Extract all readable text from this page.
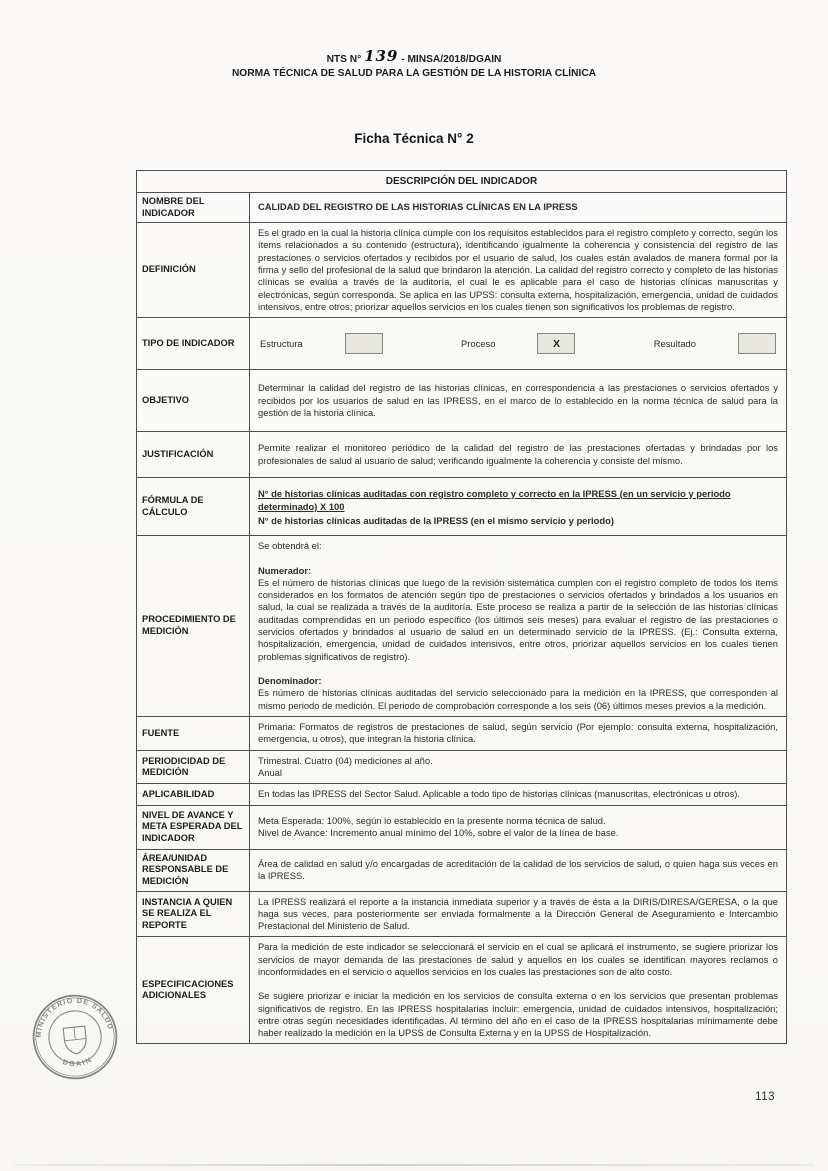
NTS N° 139 - MINSA/2018/DGAIN
NORMA TÉCNICA DE SALUD PARA LA GESTIÓN DE LA HISTORIA CLÍNICA
Ficha Técnica N° 2
DESCRIPCIÓN DEL INDICADOR	
NOMBRE DEL INDICADOR	CALIDAD DEL REGISTRO DE LAS HISTORIAS CLÍNICAS EN LA IPRESS
DEFINICIÓN	Es el grado en la cual la historia clínica cumple con los requisitos establecidos para el registro completo y correcto, según los ítems relacionados a su contenido (estructura), identificando igualmente la coherencia y consistencia del registro de las prestaciones o servicios ofertados y recibidos por el usuario de salud, los cuales están avalados de manera formal por la firma y sello del profesional de la salud que brindaron la atención. La calidad del registro correcto y completo de las historias clínicas se evalúa a través de la auditoría, el cual le es aplicable para el caso de historias clínicas manuscritas y electrónicas, según corresponda. Se aplica en las UPSS: consulta externa, hospitalización, emergencia, unidad de cuidados intensivos, entre otros; priorizar aquellos servicios en los cuales tienen son significativos los problemas de registro.
TIPO DE INDICADOR	Estructura Proceso X Resultado

OBJETIVO	Determinar la calidad del registro de las historias clínicas, en correspondencia a las prestaciones o servicios ofertados y recibidos por los usuarios de salud en las IPRESS, en el marco de lo establecido en la norma técnica de salud para la gestión de la historia clínica.
JUSTIFICACIÓN	Permite realizar el monitoreo periódico de la calidad del registro de las prestaciones ofertadas y brindadas por los profesionales de salud al usuario de salud; verificando igualmente la coherencia y consiste del mismo.
FÓRMULA DE CÁLCULO	N° de historias clínicas auditadas con registro completo y correcto en la IPRESS (en un servicio y periodo
determinado) X 100
N° de historias clínicas auditadas de la IPRESS (en el mismo servicio y periodo)

PROCEDIMIENTO DE MEDICIÓN	Se obtendrá el:

Numerador:

Es el número de historias clínicas que luego de la revisión sistemática cumplen con el registro completo de todos los ítems considerados en los formatos de atención según tipo de prestaciones o servicios ofertados y brindados a los usuarios en salud, la cual se realizada a través de la auditoría. Este proceso se realiza a partir de la selección de las historias clínicas auditadas comprendidas en un periodo específico (los últimos seis meses) para evaluar el registro de las prestaciones o servicios ofertados y brindados al usuario de salud en un determinado servicio de la IPRESS. (Ej.: Consulta externa, hospitalización, emergencia, unidad de cuidados intensivos, entre otros, priorizar aquellos servicios en los cuales tienen problemas significativos de registro).

Denominador:

Es número de historias clínicas auditadas del servicio seleccionado para la medición en la IPRESS, que corresponden al mismo periodo de medición. El periodo de comprobación corresponde a los seis (06) últimos meses previos a la medición.

FUENTE	Primaria: Formatos de registros de prestaciones de salud, según servicio (Por ejemplo: consulta externa, hospitalización, emergencia, u otros), que integran la historia clínica.
PERIODICIDAD DE MEDICIÓN	Trimestral. Cuatro (04) mediciones al año.

Anual

APLICABILIDAD	En todas las IPRESS del Sector Salud. Aplicable a todo tipo de historias clínicas (manuscritas, electrónicas u otros).
NIVEL DE AVANCE Y META ESPERADA DEL INDICADOR	Meta Esperada: 100%, según lo establecido en la presente norma técnica de salud.

Nivel de Avance: Incremento anual mínimo del 10%, sobre el valor de la línea de base.

ÁREA/UNIDAD RESPONSABLE DE MEDICIÓN	Área de calidad en salud y/o encargadas de acreditación de la calidad de los servicios de salud, o quien haga sus veces en la IPRESS.
INSTANCIA A QUIEN SE REALIZA EL REPORTE	La IPRESS realizará el reporte a la instancia inmediata superior y a través de ésta a la DIRIS/DIRESA/GERESA, o la que haga sus veces, para posteriormente ser enviada formalmente a la Dirección General de Aseguramiento e Intercambio Prestacional del Ministerio de Salud.
ESPECIFICACIONES ADICIONALES	Para la medición de este indicador se seleccionará el servicio en el cual se aplicará el instrumento, se sugiere priorizar los servicios de mayor demanda de las prestaciones de salud y aquellos en los cuales se identifican mayores reclamos o inconformidades en el servicio o aquellos servicios en los cuales las prestaciones son de alto costo.

Se sugiere priorizar e iniciar la medición en los servicios de consulta externa o en los servicios que presentan problemas significativos de registro. En las IPRESS hospitalarias incluir: emergencia, unidad de cuidados intensivos, hospitalización; entre otras según necesidades identificadas. Al término del año en el caso de la IPRESS hospitalarias mínimamente debe haber realizado la medición en la UPSS de Consulta Externa y en la UPSS de Hospitalización.

MINISTERIO DE SALUD
DGAIN
113
